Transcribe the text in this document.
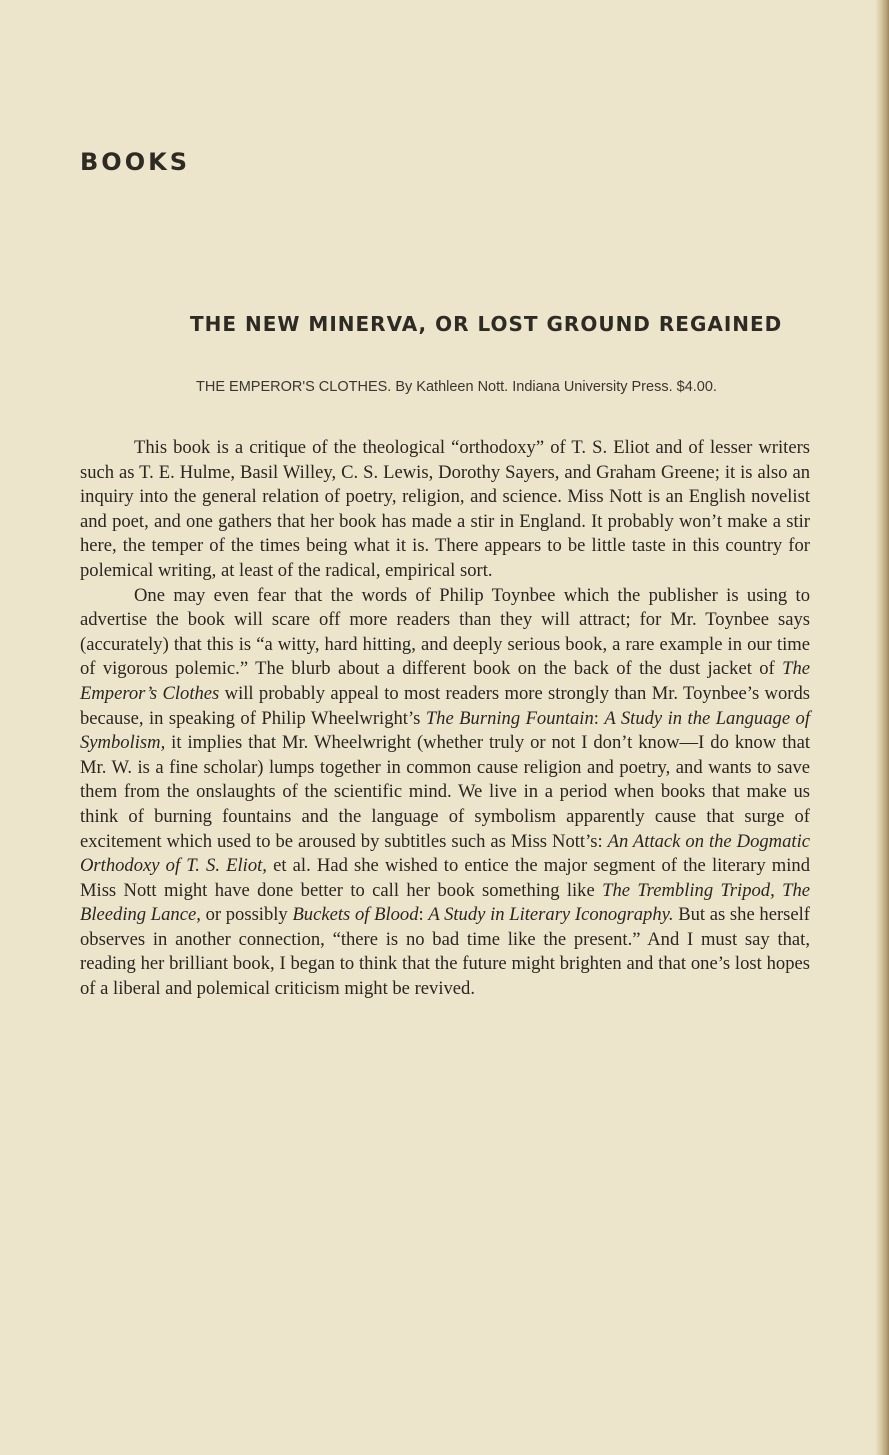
BOOKS
THE NEW MINERVA, OR LOST GROUND REGAINED

THE EMPEROR'S CLOTHES. By Kathleen Nott. Indiana University Press. $4.00.

This book is a critique of the theological “orthodoxy” of T. S. Eliot and of lesser writers such as T. E. Hulme, Basil Willey, C. S. Lewis, Dorothy Sayers, and Graham Greene; it is also an inquiry into the general relation of poetry, religion, and science. Miss Nott is an English novelist and poet, and one gathers that her book has made a stir in England. It probably won’t make a stir here, the temper of the times being what it is. There appears to be little taste in this country for polemical writing, at least of the radical, empirical sort.

One may even fear that the words of Philip Toynbee which the publisher is using to advertise the book will scare off more readers than they will attract; for Mr. Toynbee says (accurately) that this is “a witty, hard hitting, and deeply serious book, a rare example in our time of vigorous polemic.” The blurb about a different book on the back of the dust jacket of The Emperor’s Clothes will probably appeal to most readers more strongly than Mr. Toynbee’s words because, in speaking of Philip Wheelwright’s The Burning Fountain: A Study in the Language of Symbolism, it implies that Mr. Wheelwright (whether truly or not I don’t know—I do know that Mr. W. is a fine scholar) lumps together in common cause religion and poetry, and wants to save them from the onslaughts of the scientific mind. We live in a period when books that make us think of burning fountains and the language of symbolism apparently cause that surge of excitement which used to be aroused by subtitles such as Miss Nott’s: An Attack on the Dogmatic Orthodoxy of T. S. Eliot, et al. Had she wished to entice the major segment of the literary mind Miss Nott might have done better to call her book something like The Trembling Tripod, The Bleeding Lance, or possibly Buckets of Blood: A Study in Literary Iconography. But as she herself observes in another connection, “there is no bad time like the present.” And I must say that, reading her brilliant book, I began to think that the future might brighten and that one’s lost hopes of a liberal and polemical criticism might be revived.
